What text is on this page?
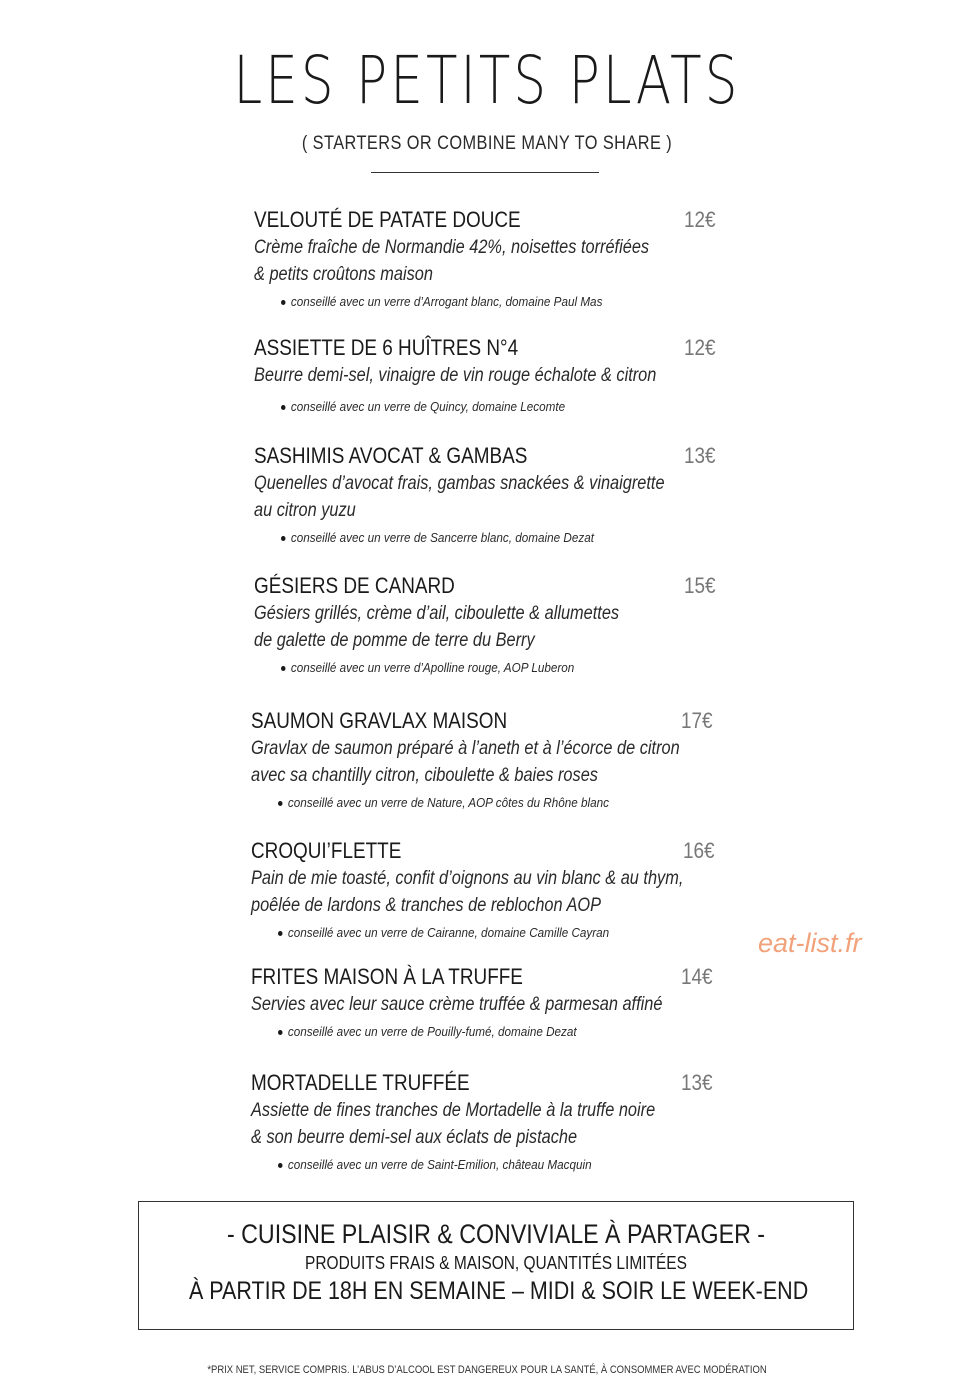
LES PETITS PLATS
( STARTERS OR COMBINE MANY TO SHARE )
VELOUTÉ DE PATATE DOUCE	12€
Crème fraîche de Normandie 42%, noisettes torréfiées
& petits croûtons maison
conseillé avec un verre d’Arrogant blanc, domaine Paul Mas
ASSIETTE DE 6 HUÎTRES N°4	12€
Beurre demi-sel, vinaigre de vin rouge échalote & citron
conseillé avec un verre de Quincy, domaine Lecomte
SASHIMIS AVOCAT & GAMBAS	13€
Quenelles d’avocat frais, gambas snackées & vinaigrette
au citron yuzu
conseillé avec un verre de Sancerre blanc, domaine Dezat
GÉSIERS DE CANARD	15€
Gésiers grillés, crème d’ail, ciboulette & allumettes
de galette de pomme de terre du Berry
conseillé avec un verre d’Apolline rouge, AOP Luberon
SAUMON GRAVLAX MAISON	17€
Gravlax de saumon préparé à l’aneth et à l’écorce de citron
avec sa chantilly citron, ciboulette & baies roses
conseillé avec un verre de Nature, AOP côtes du Rhône blanc
CROQUI’FLETTE	16€
Pain de mie toasté, confit d’oignons au vin blanc & au thym,
poêlée de lardons & tranches de reblochon AOP
conseillé avec un verre de Cairanne, domaine Camille Cayran
FRITES MAISON À LA TRUFFE	14€
Servies avec leur sauce crème truffée & parmesan affiné
conseillé avec un verre de Pouilly-fumé, domaine Dezat
MORTADELLE TRUFFÉE	13€
Assiette de fines tranches de Mortadelle à la truffe noire
& son beurre demi-sel aux éclats de pistache
conseillé avec un verre de Saint-Emilion, château Macquin
eat-list.fr
- CUISINE PLAISIR & CONVIVIALE À PARTAGER -
PRODUITS FRAIS & MAISON, QUANTITÉS LIMITÉES
À PARTIR DE 18H EN SEMAINE – MIDI & SOIR LE WEEK-END
*PRIX NET, SERVICE COMPRIS. L’ABUS D’ALCOOL EST DANGEREUX POUR LA SANTÉ, À CONSOMMER AVEC MODÉRATION
